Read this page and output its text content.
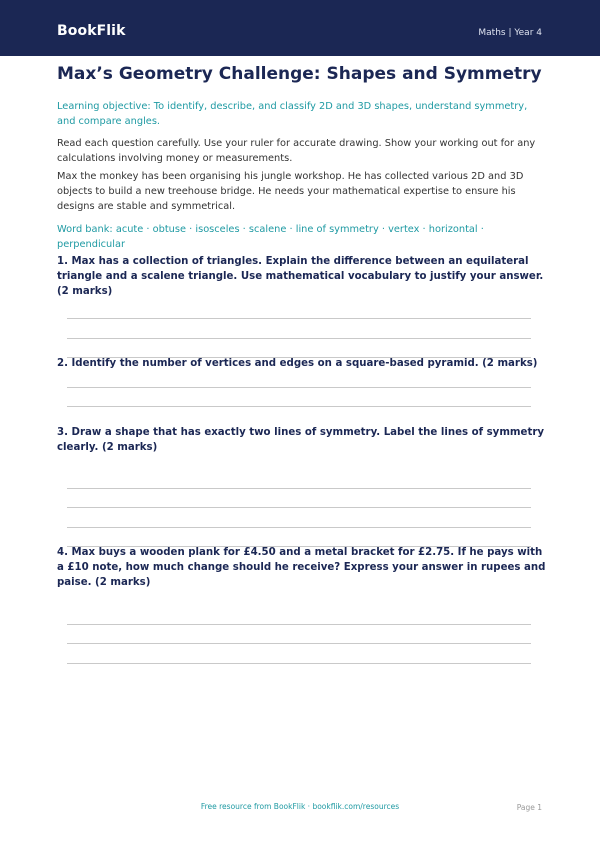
BookFlik	Maths | Year 4
Max’s Geometry Challenge: Shapes and Symmetry

Learning objective: To identify, describe, and classify 2D and 3D shapes, understand symmetry, and compare angles.

Read each question carefully. Use your ruler for accurate drawing. Show your working out for any calculations involving money or measurements.

Max the monkey has been organising his jungle workshop. He has collected various 2D and 3D objects to build a new treehouse bridge. He needs your mathematical expertise to ensure his designs are stable and symmetrical.

Word bank: acute · obtuse · isosceles · scalene · line of symmetry · vertex · horizontal · perpendicular

1. Max has a collection of triangles. Explain the difference between an equilateral triangle and a scalene triangle. Use mathematical vocabulary to justify your answer. (2 marks)

2. Identify the number of vertices and edges on a square-based pyramid. (2 marks)

3. Draw a shape that has exactly two lines of symmetry. Label the lines of symmetry clearly. (2 marks)

4. Max buys a wooden plank for £4.50 and a metal bracket for £2.75. If he pays with a £10 note, how much change should he receive? Express your answer in rupees and paise. (2 marks)

Free resource from BookFlik · bookflik.com/resources	Page 1
